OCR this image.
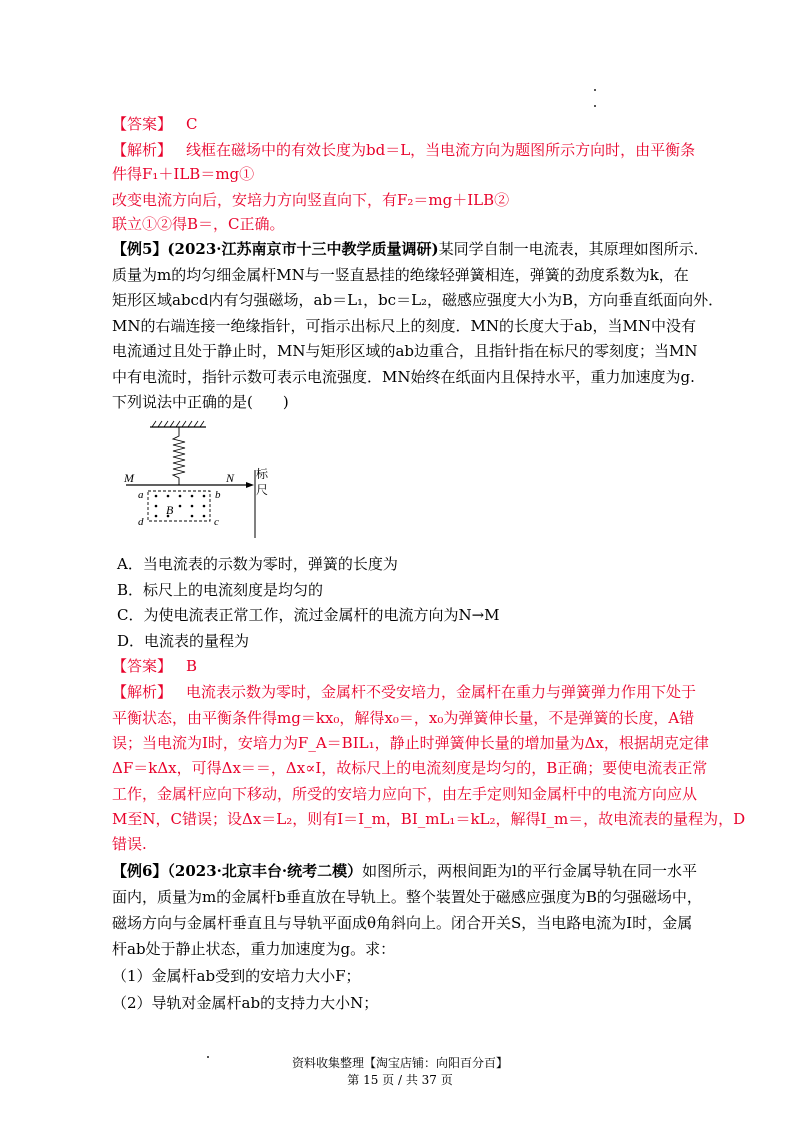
【答案】 C
【解析】 线框在磁场中的有效长度为bd＝L，当电流方向为题图所示方向时，由平衡条
件得F₁＋ILB＝mg①
改变电流方向后，安培力方向竖直向下，有F₂＝mg＋ILB②
联立①②得B＝，C正确。
【例5】(2023·江苏南京市十三中教学质量调研)某同学自制一电流表，其原理如图所示．
质量为m的均匀细金属杆MN与一竖直悬挂的绝缘轻弹簧相连，弹簧的劲度系数为k，在
矩形区域abcd内有匀强磁场，ab＝L₁，bc＝L₂，磁感应强度大小为B，方向垂直纸面向外．
MN的右端连接一绝缘指针，可指示出标尺上的刻度．MN的长度大于ab，当MN中没有
电流通过且处于静止时，MN与矩形区域的ab边重合，且指针指在标尺的零刻度；当MN
中有电流时，指针示数可表示电流强度．MN始终在纸面内且保持水平，重力加速度为g.
下列说法中正确的是(　　)
M	N
a	b
c
d
B
标
尺
A．当电流表的示数为零时，弹簧的长度为
B．标尺上的电流刻度是均匀的
C．为使电流表正常工作，流过金属杆的电流方向为N→M
D．电流表的量程为
【答案】 B
【解析】 电流表示数为零时，金属杆不受安培力，金属杆在重力与弹簧弹力作用下处于
平衡状态，由平衡条件得mg＝kx₀，解得x₀＝，x₀为弹簧伸长量，不是弹簧的长度，A错
误；当电流为I时，安培力为F_A＝BIL₁，静止时弹簧伸长量的增加量为Δx，根据胡克定律
ΔF＝kΔx，可得Δx＝＝，Δx∝I，故标尺上的电流刻度是均匀的，B正确；要使电流表正常
工作，金属杆应向下移动，所受的安培力应向下，由左手定则知金属杆中的电流方向应从
M至N，C错误；设Δx＝L₂，则有I＝I_m，BI_mL₁＝kL₂，解得I_m＝，故电流表的量程为，D
错误.
【例6】（2023·北京丰台·统考二模）如图所示，两根间距为l的平行金属导轨在同一水平
面内，质量为m的金属杆b垂直放在导轨上。整个装置处于磁感应强度为B的匀强磁场中，
磁场方向与金属杆垂直且与导轨平面成θ角斜向上。闭合开关S，当电路电流为I时，金属
杆ab处于静止状态，重力加速度为g。求：
（1）金属杆ab受到的安培力大小F；
（2）导轨对金属杆ab的支持力大小N；
资料收集整理【淘宝店铺：向阳百分百】
第 15 页 / 共 37 页
